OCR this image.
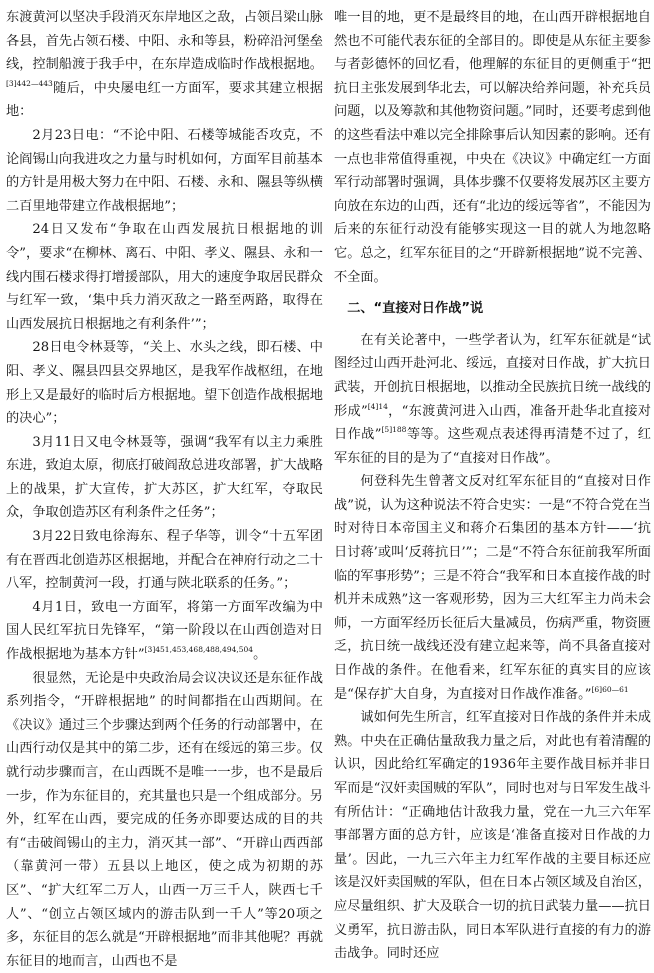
东渡黄河以坚决手段消灭东岸地区之敌，占领吕梁山脉各县，首先占领石楼、中阳、永和等县，粉碎沿河堡垒线，控制船渡于我手中，在东岸造成临时作战根据地。$^{[3]442—443}$随后，中央屡电红一方面军，要求其建立根据地：

2月23日电：“不论中阳、石楼等城能否攻克，不论阎锡山向我进攻之力量与时机如何，方面军目前基本的方针是用极大努力在中阳、石楼、永和、隰县等纵横二百里地带建立作战根据地”；

24日又发布“争取在山西发展抗日根据地的训令”，要求“在柳林、离石、中阳、孝义、隰县、永和一线内围石楼求得打增援部队，用大的速度争取居民群众与红军一致，‘集中兵力消灭敌之一路至两路，取得在山西发展抗日根据地之有利条件’”；

28日电令林聂等，“关上、水头之线，即石楼、中阳、孝义、隰县四县交界地区，是我军作战枢纽，在地形上又是最好的临时后方根据地。望下创造作战根据地的决心”；

3月11日又电令林聂等，强调“我军有以主力乘胜东进，致迫太原，彻底打破阎敌总进攻部署，扩大战略上的战果，扩大宣传，扩大苏区，扩大红军，夺取民众，争取创造苏区有利条件之任务”；

3月22日致电徐海东、程子华等，训令“十五军团有在晋西北创造苏区根据地，并配合在神府行动之二十八军，控制黄河一段，打通与陕北联系的任务。”；

4月1日，致电一方面军，将第一方面军改编为中国人民红军抗日先锋军，“第一阶段以在山西创造对日作战根据地为基本方针”$^{[3]451,453,468,488,494,504}$。

很显然，无论是中央政治局会议决议还是东征作战系列指令，“开辟根据地” 的时间都指在山西期间。在《决议》通过三个步骤达到两个任务的行动部署中，在山西行动仅是其中的第二步，还有在绥远的第三步。仅就行动步骤而言，在山西既不是唯一一步，也不是最后一步，作为东征目的，充其量也只是一个组成部分。另外，红军在山西，要完成的任务亦即要达成的目的共有“击破阎锡山的主力，消灭其一部”、“开辟山西西部（靠黄河一带）五县以上地区，使之成为初期的苏区”、“扩大红军二万人，山西一万三千人，陕西七千人”、“创立占领区域内的游击队到一千人”等20项之多，东征目的怎么就是“开辟根据地”而非其他呢？再就东征目的地而言，山西也不是

唯一目的地，更不是最终目的地，在山西开辟根据地自然也不可能代表东征的全部目的。即使是从东征主要参与者彭德怀的回忆看，他理解的东征目的更侧重于“把抗日主张发展到华北去，可以解决给养问题，补充兵员问题，以及筹款和其他物资问题。”同时，还要考虑到他的这些看法中难以完全排除事后认知因素的影响。还有一点也非常值得重视，中央在《决议》中确定红一方面军行动部署时强调，具体步骤不仅要将发展苏区主要方向放在东边的山西，还有“北边的绥远等省”，不能因为后来的东征行动没有能够实现这一目的就人为地忽略它。总之，红军东征目的之“开辟新根据地”说不完善、不全面。

二、“直接对日作战”说

在有关论著中，一些学者认为，红军东征就是“试图经过山西开赴河北、绥远，直接对日作战，扩大抗日武装，开创抗日根据地，以推动全民族抗日统一战线的形成”$^{[4]14}$，“东渡黄河进入山西，准备开赴华北直接对日作战”$^{[5]188}$等等。这些观点表述得再清楚不过了，红军东征的目的是为了“直接对日作战”。

何登科先生曾著文反对红军东征目的“直接对日作战”说，认为这种说法不符合史实：一是“不符合党在当时对待日本帝国主义和蒋介石集团的基本方针——‘抗日讨蒋’或叫‘反蒋抗日’”；二是“不符合东征前我军所面临的军事形势”；三是不符合“我军和日本直接作战的时机并未成熟”这一客观形势，因为三大红军主力尚未会师，一方面军经历长征后大量减员，伤病严重，物资匮乏，抗日统一战线还没有建立起来等，尚不具备直接对日作战的条件。在他看来，红军东征的真实目的应该是“保存扩大自身，为直接对日作战作准备。”$^{[6]60—61}$

诚如何先生所言，红军直接对日作战的条件并未成熟。中央在正确估量敌我力量之后，对此也有着清醒的认识，因此给红军确定的1936年主要作战目标并非日军而是“汉奸卖国贼的军队”，同时也对与日军发生战斗有所估计：“正确地估计敌我力量，党在一九三六年军事部署方面的总方针，应该是‘准备直接对日作战的力量’。因此，一九三六年主力红军作战的主要目标还应该是汉奸卖国贼的军队，但在日本占领区域及自治区，应尽量组织、扩大及联合一切的抗日武装力量——抗日义勇军，抗日游击队，同日本军队进行直接的有力的游击战争。同时还应
